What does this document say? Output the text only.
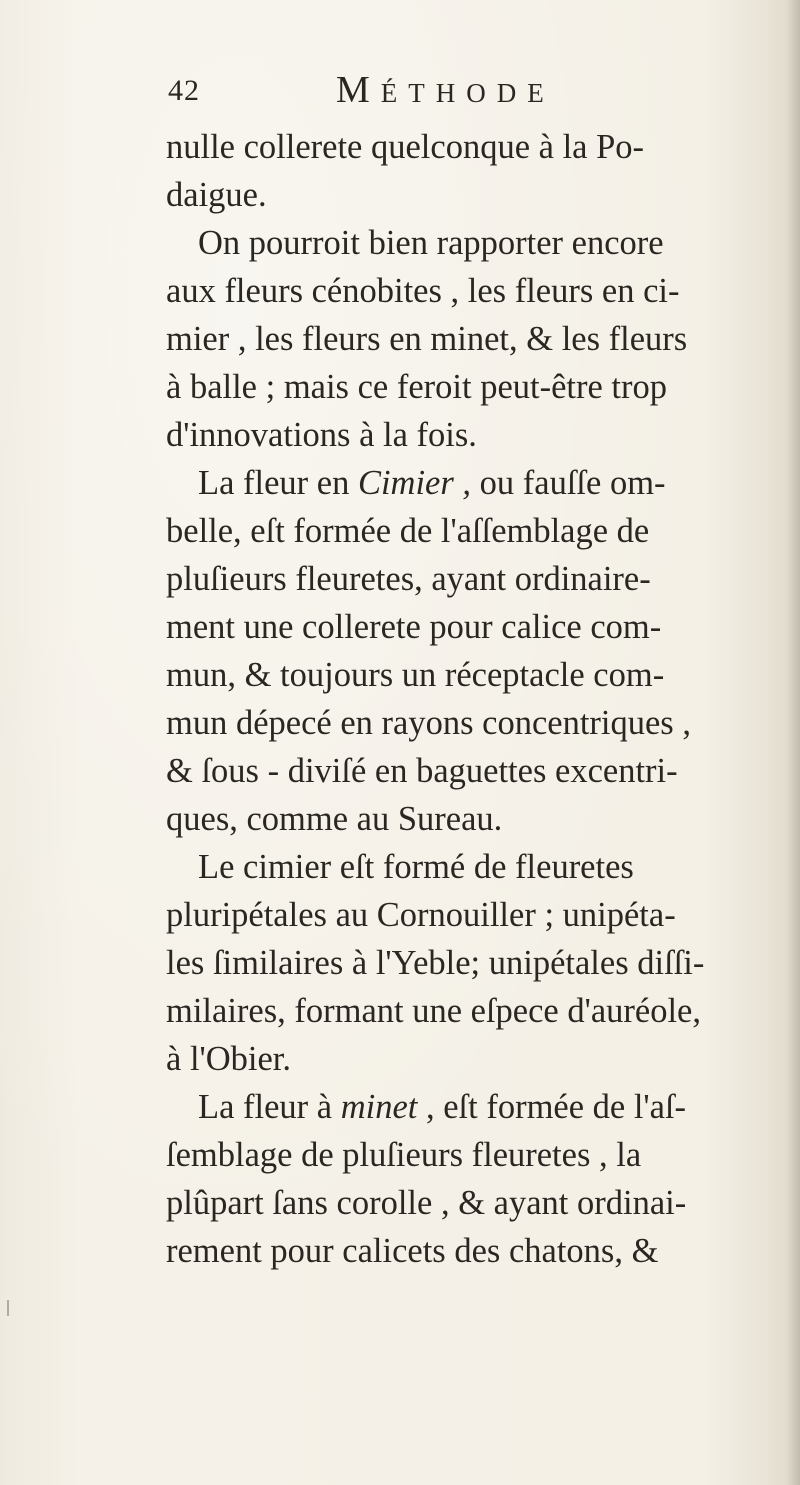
42	Méthode
nulle collerete quelconque à la Po-
daigue.
On pourroit bien rapporter encore
aux fleurs cénobites , les fleurs en ci-
mier , les fleurs en minet, & les fleurs
à balle ; mais ce feroit peut-être trop
d'innovations à la fois.
La fleur en Cimier , ou fauſſe om-
belle, eſt formée de l'aſſemblage de
pluſieurs fleuretes, ayant ordinaire-
ment une collerete pour calice com-
mun, & toujours un réceptacle com-
mun dépecé en rayons concentriques ,
& ſous - diviſé en baguettes excentri-
ques, comme au Sureau.
Le cimier eſt formé de fleuretes
pluripétales au Cornouiller ; unipéta-
les ſimilaires à l'Yeble; unipétales diſſi-
milaires, formant une eſpece d'auréole,
à l'Obier.
La fleur à minet , eſt formée de l'aſ-
ſemblage de pluſieurs fleuretes , la
plûpart ſans corolle , & ayant ordinai-
rement pour calicets des chatons, &
